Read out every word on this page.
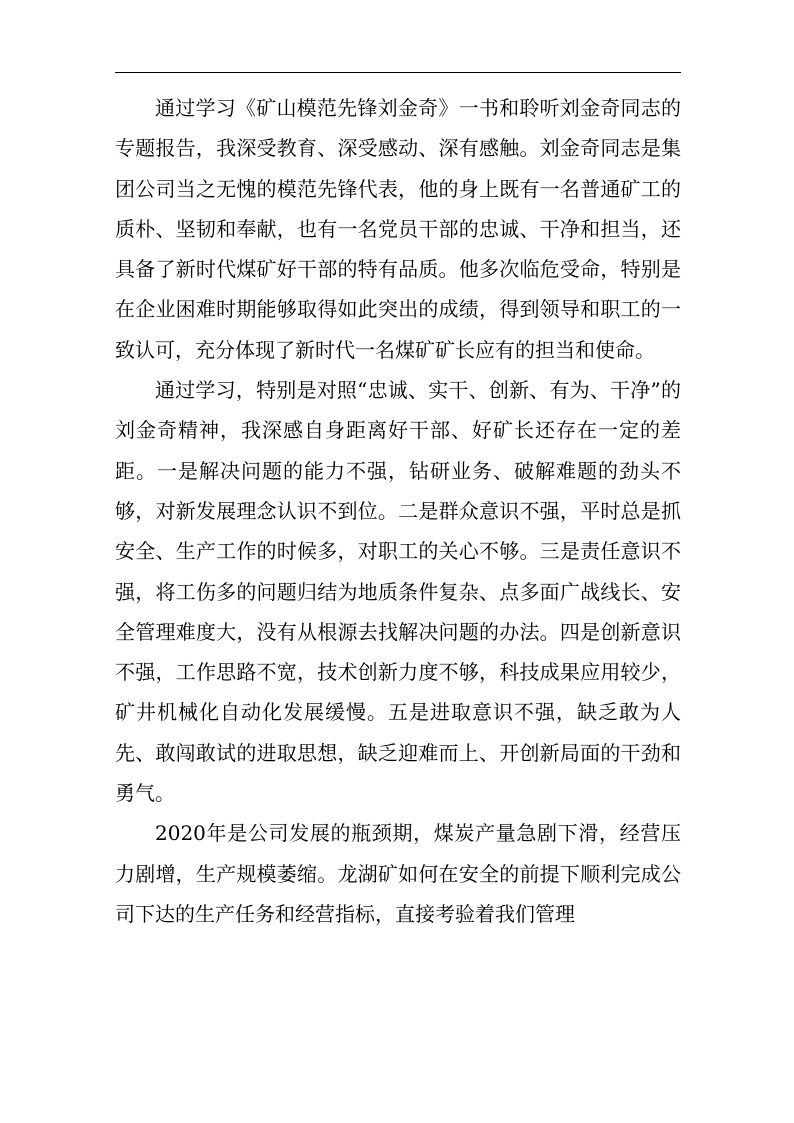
通过学习《矿山模范先锋刘金奇》一书和聆听刘金奇同志的专题报告，我深受教育、深受感动、深有感触。刘金奇同志是集团公司当之无愧的模范先锋代表，他的身上既有一名普通矿工的质朴、坚韧和奉献，也有一名党员干部的忠诚、干净和担当，还具备了新时代煤矿好干部的特有品质。他多次临危受命，特别是在企业困难时期能够取得如此突出的成绩，得到领导和职工的一致认可，充分体现了新时代一名煤矿矿长应有的担当和使命。

通过学习，特别是对照“忠诚、实干、创新、有为、干净”的刘金奇精神，我深感自身距离好干部、好矿长还存在一定的差距。一是解决问题的能力不强，钻研业务、破解难题的劲头不够，对新发展理念认识不到位。二是群众意识不强，平时总是抓安全、生产工作的时候多，对职工的关心不够。三是责任意识不强，将工伤多的问题归结为地质条件复杂、点多面广战线长、安全管理难度大，没有从根源去找解决问题的办法。四是创新意识不强，工作思路不宽，技术创新力度不够，科技成果应用较少，矿井机械化自动化发展缓慢。五是进取意识不强，缺乏敢为人先、敢闯敢试的进取思想，缺乏迎难而上、开创新局面的干劲和勇气。

2020年是公司发展的瓶颈期，煤炭产量急剧下滑，经营压力剧增，生产规模萎缩。龙湖矿如何在安全的前提下顺利完成公司下达的生产任务和经营指标，直接考验着我们管理
